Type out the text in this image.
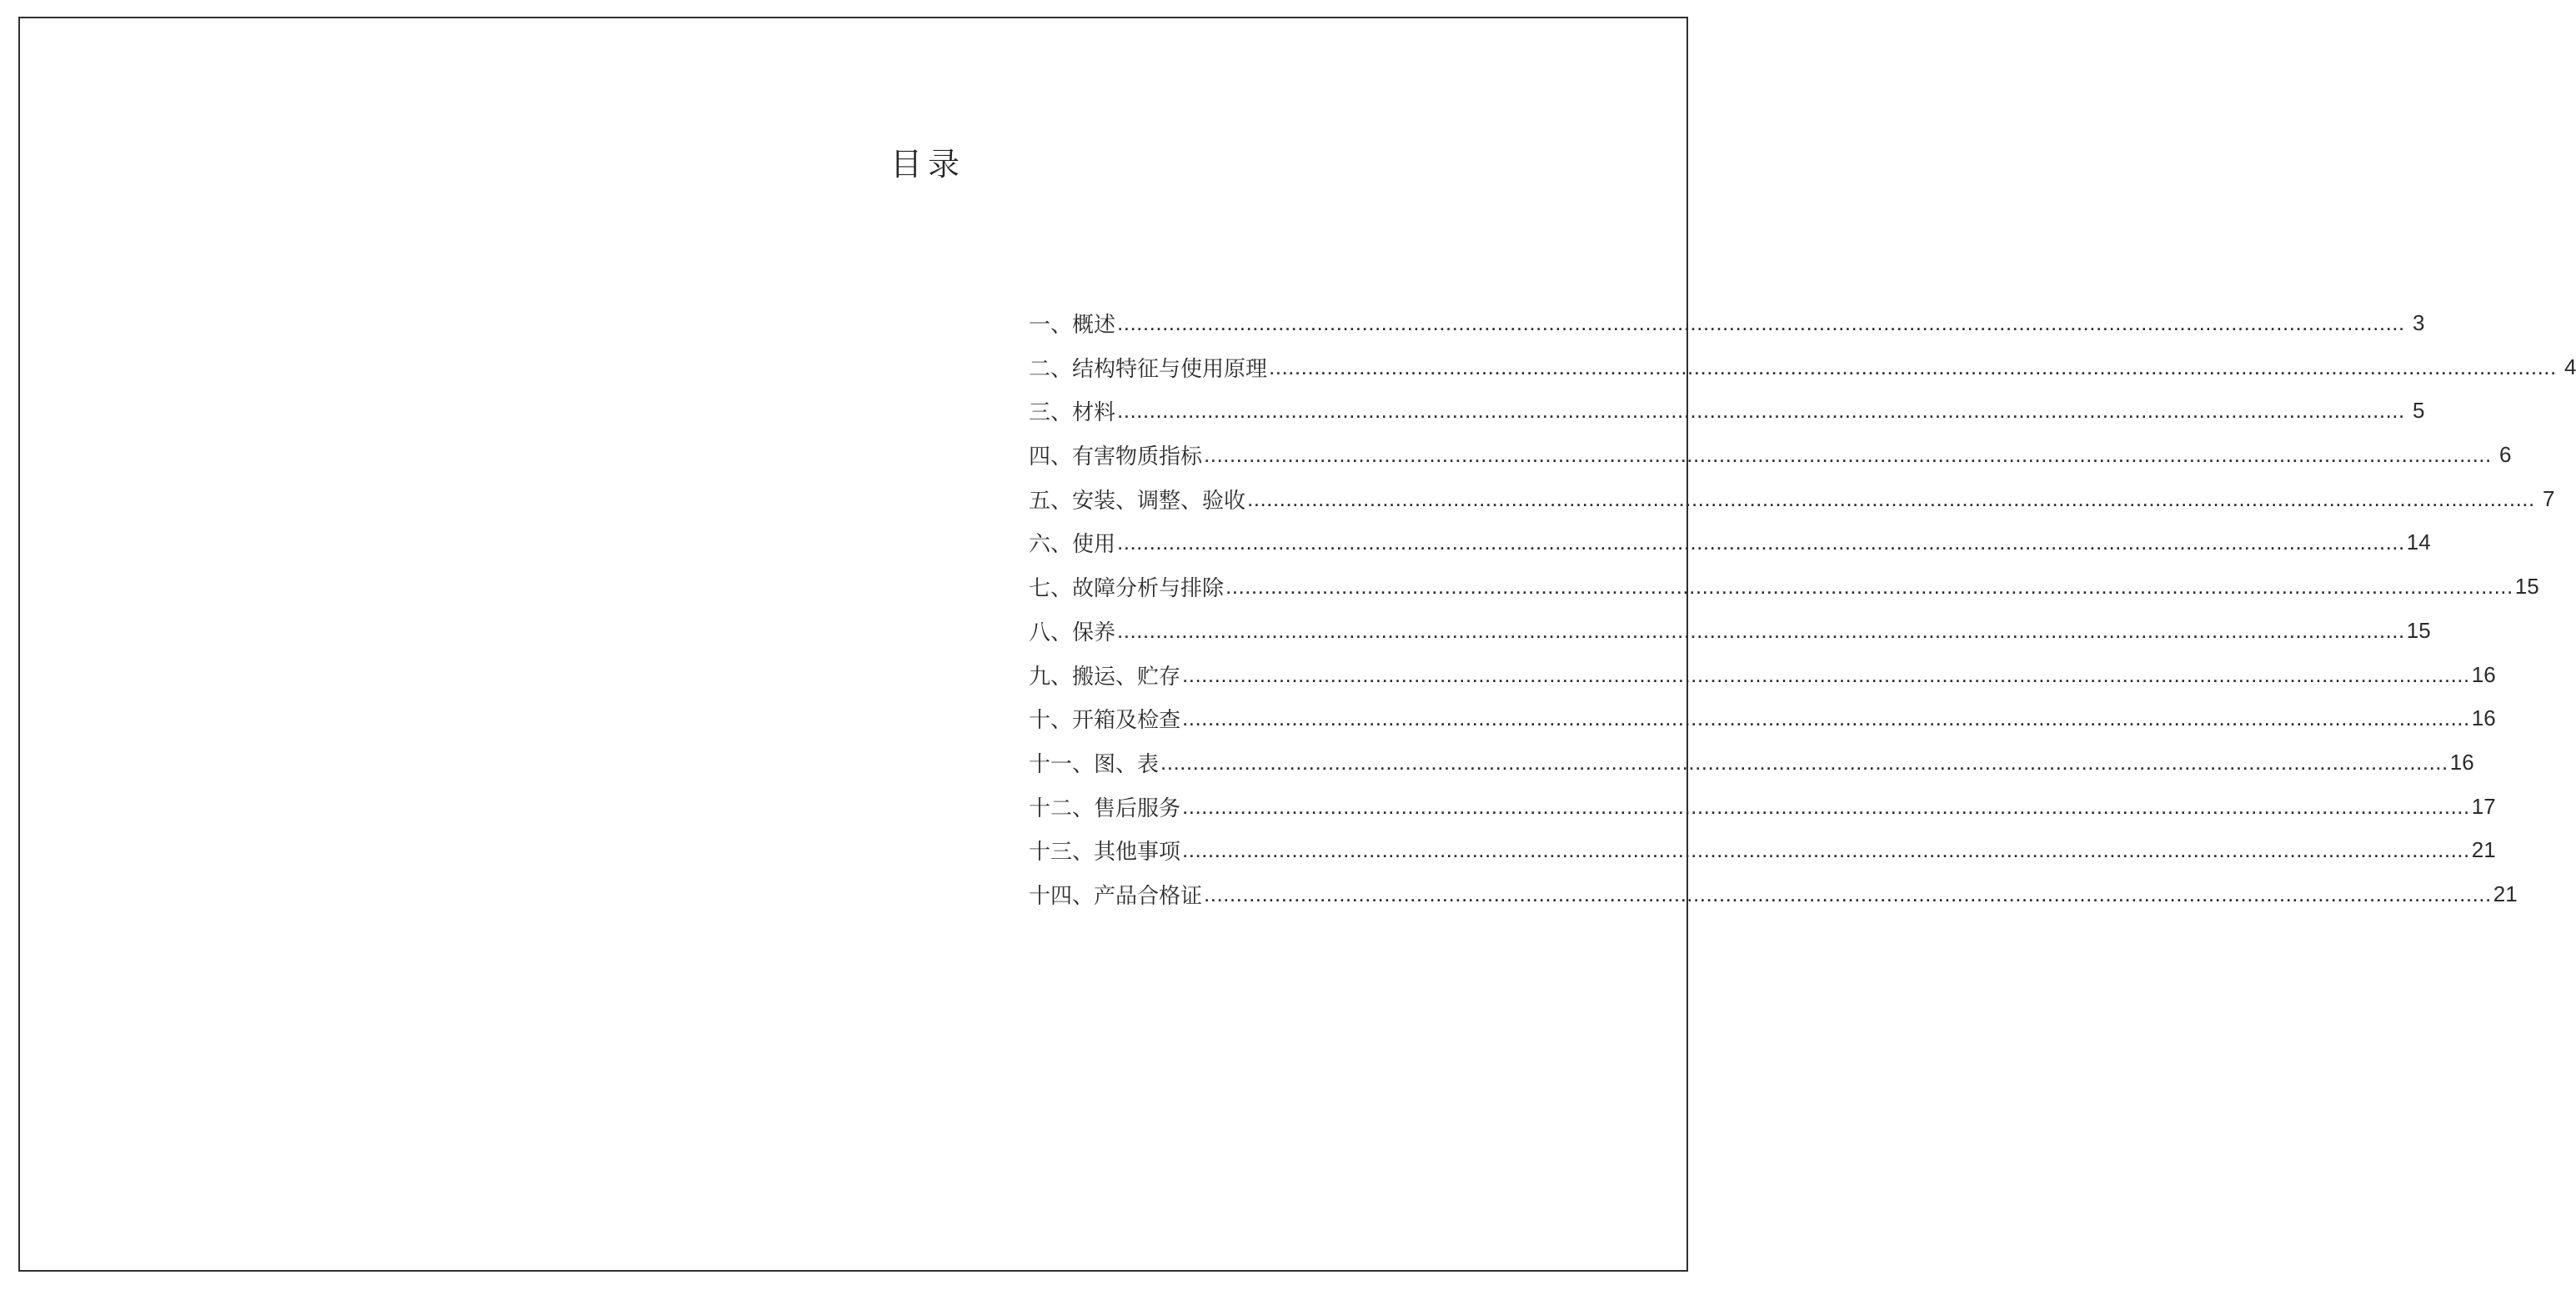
目录
一、概述 ........................................................................................................................................................................................................ 3
二、结构特征与使用原理 ........................................................................................................................................................................................................ 4
三、材料 ........................................................................................................................................................................................................ 5
四、有害物质指标 ........................................................................................................................................................................................................ 6
五、安装、调整、验收 ........................................................................................................................................................................................................ 7
六、使用 ........................................................................................................................................................................................................ 14
七、故障分析与排除 ........................................................................................................................................................................................................ 15
八、保养 ........................................................................................................................................................................................................ 15
九、搬运、贮存 ........................................................................................................................................................................................................ 16
十、开箱及检查 ........................................................................................................................................................................................................ 16
十一、图、表 ........................................................................................................................................................................................................ 16
十二、售后服务 ........................................................................................................................................................................................................ 17
十三、其他事项 ........................................................................................................................................................................................................ 21
十四、产品合格证 ........................................................................................................................................................................................................ 21
